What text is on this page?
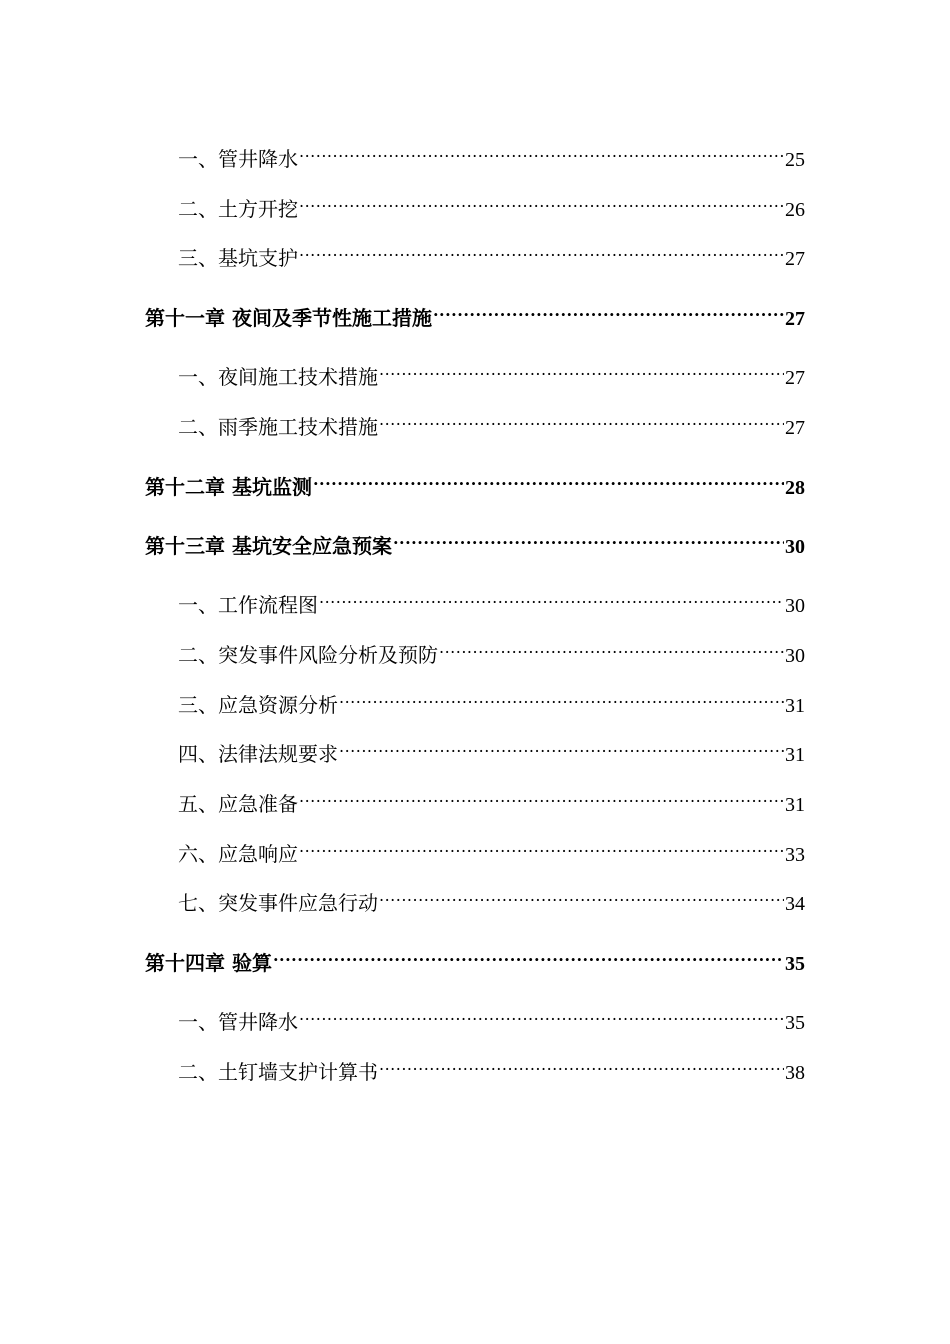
一、管井降水 .....	25
二、土方开挖 .....	26
三、基坑支护 .....	27
第十一章 夜间及季节性施工措施 .....	27
一、夜间施工技术措施 .....	27
二、雨季施工技术措施 .....	27
第十二章 基坑监测 .....	28
第十三章 基坑安全应急预案 .....	30
一、工作流程图 .....	30
二、突发事件风险分析及预防 .....	30
三、应急资源分析 .....	31
四、法律法规要求 .....	31
五、应急准备 .....	31
六、应急响应 .....	33
七、突发事件应急行动 .....	34
第十四章 验算 .....	35
一、管井降水 .....	35
二、土钉墙支护计算书 .....	38
